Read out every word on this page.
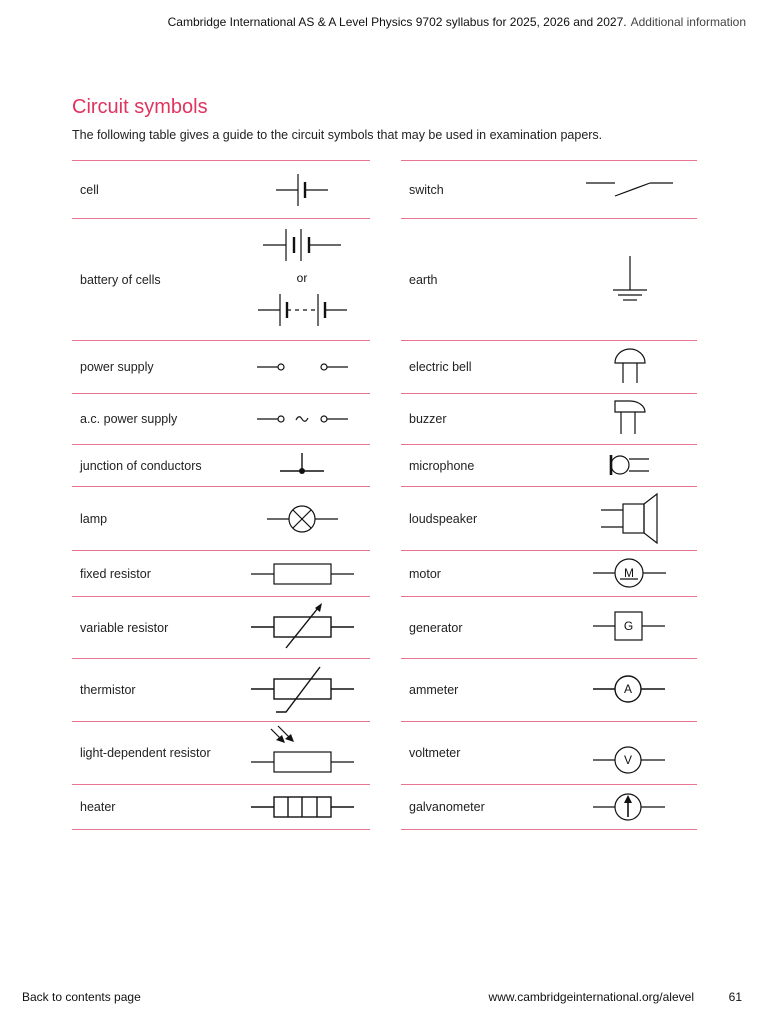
Cambridge International AS & A Level Physics 9702 syllabus for 2025, 2026 and 2027. Additional information
Circuit symbols

The following table gives a guide to the circuit symbols that may be used in examination papers.

cell
battery of cells	or
power supply
a.c. power supply
junction of conductors
lamp
fixed resistor
variable resistor
thermistor
light-dependent resistor
heater
switch
earth
electric bell
buzzer
microphone
loudspeaker
motor	M
generator	G
ammeter	A
voltmeter	V
galvanometer
Back to contents page	www.cambridgeinternational.org/alevel	61
